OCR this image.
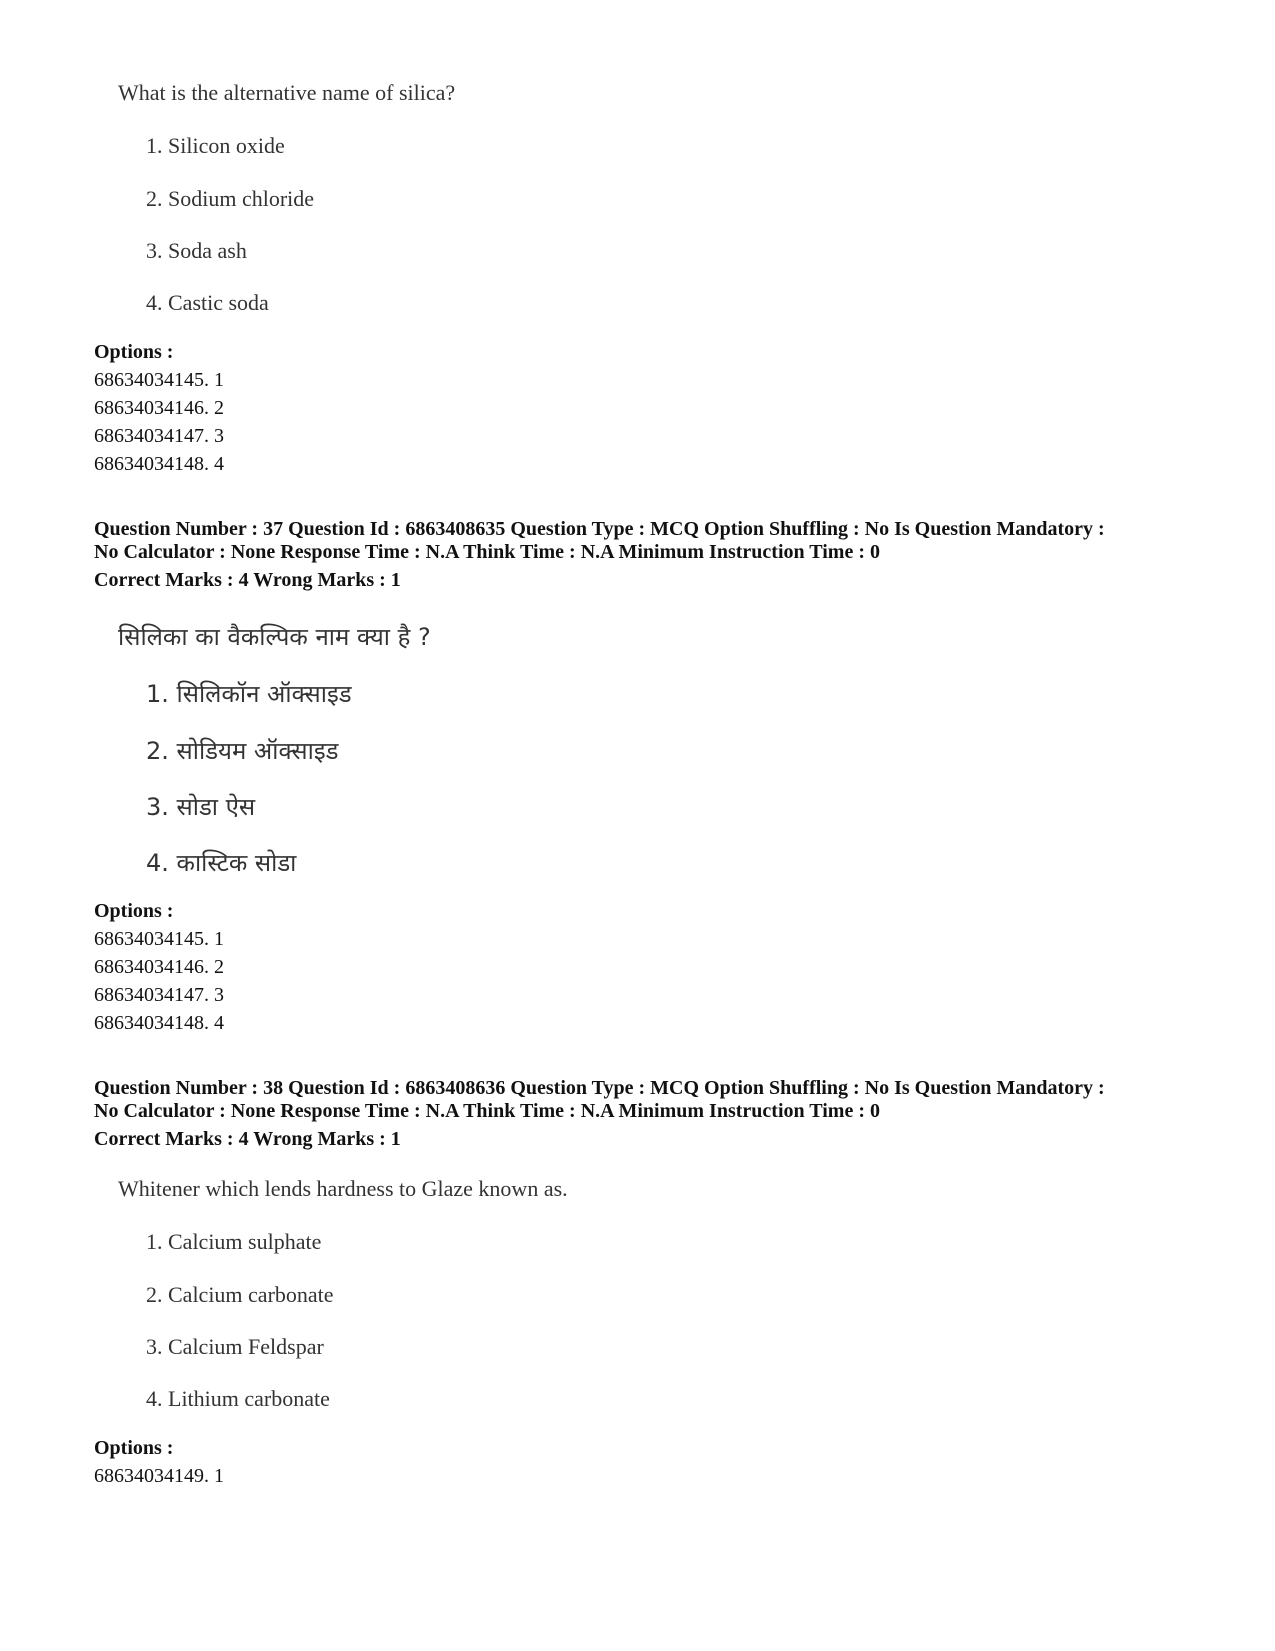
What is the alternative name of silica?
1. Silicon oxide
2. Sodium chloride
3. Soda ash
4. Castic soda
Options :
68634034145. 1
68634034146. 2
68634034147. 3
68634034148. 4
Question Number : 37 Question Id : 6863408635 Question Type : MCQ Option Shuffling : No Is Question Mandatory :
No Calculator : None Response Time : N.A Think Time : N.A Minimum Instruction Time : 0
Correct Marks : 4 Wrong Marks : 1
सिलिका का वैकल्पिक नाम क्या है ?
1. सिलिकॉन ऑक्साइड
2. सोडियम ऑक्साइड
3. सोडा ऐस
4. कास्टिक सोडा
Options :
68634034145. 1
68634034146. 2
68634034147. 3
68634034148. 4
Question Number : 38 Question Id : 6863408636 Question Type : MCQ Option Shuffling : No Is Question Mandatory :
No Calculator : None Response Time : N.A Think Time : N.A Minimum Instruction Time : 0
Correct Marks : 4 Wrong Marks : 1
Whitener which lends hardness to Glaze known as.
1. Calcium sulphate
2. Calcium carbonate
3. Calcium Feldspar
4. Lithium carbonate
Options :
68634034149. 1
